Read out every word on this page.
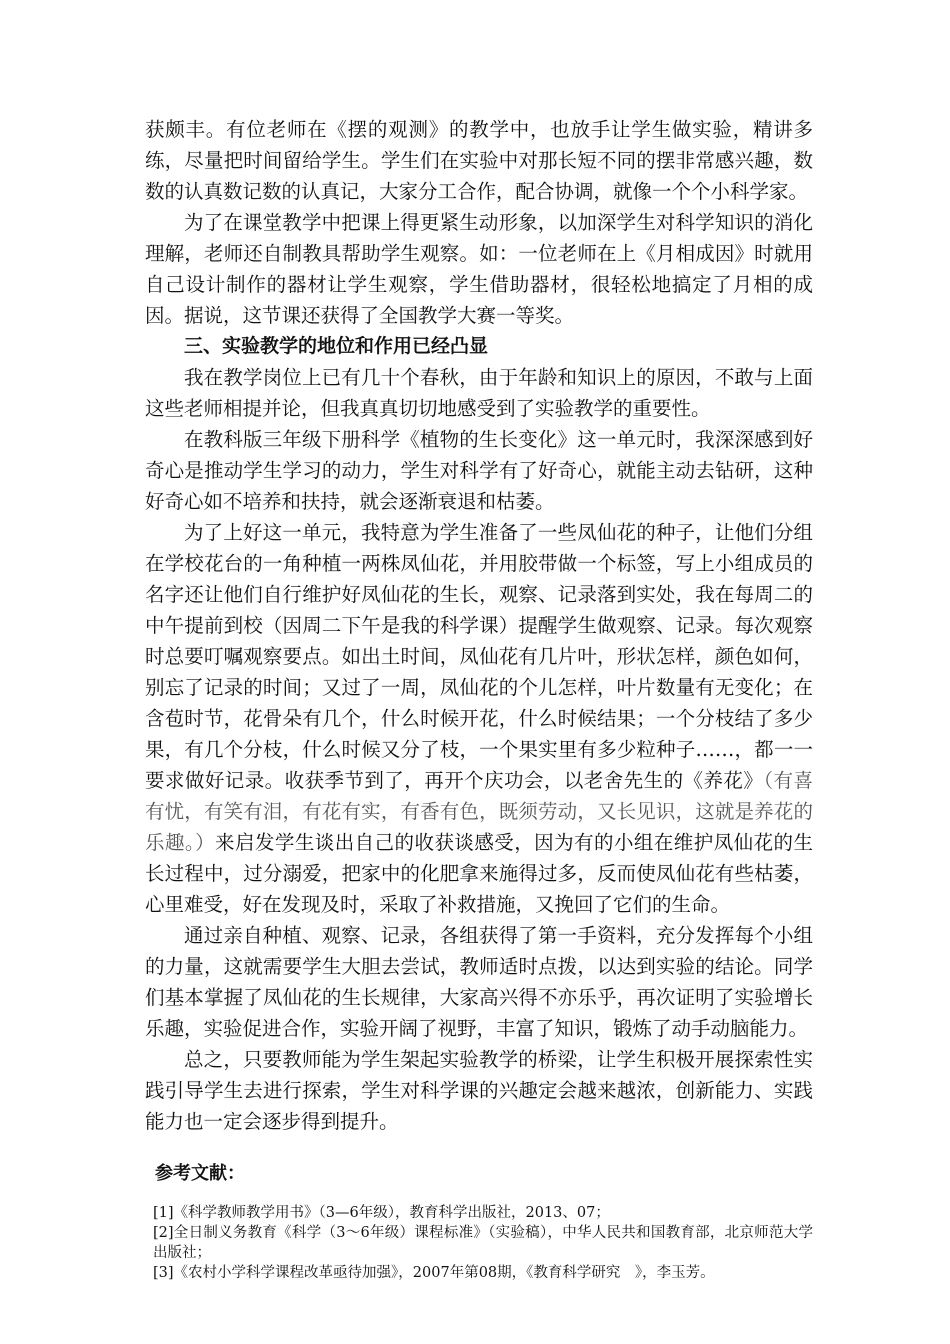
获颇丰。有位老师在《摆的观测》的教学中，也放手让学生做实验，精讲多练，尽量把时间留给学生。学生们在实验中对那长短不同的摆非常感兴趣，数数的认真数记数的认真记，大家分工合作，配合协调，就像一个个小科学家。

为了在课堂教学中把课上得更紧生动形象，以加深学生对科学知识的消化理解，老师还自制教具帮助学生观察。如：一位老师在上《月相成因》时就用自己设计制作的器材让学生观察，学生借助器材，很轻松地搞定了月相的成因。据说，这节课还获得了全国教学大赛一等奖。

三、实验教学的地位和作用已经凸显

我在教学岗位上已有几十个春秋，由于年龄和知识上的原因，不敢与上面这些老师相提并论，但我真真切切地感受到了实验教学的重要性。

在教科版三年级下册科学《植物的生长变化》这一单元时，我深深感到好奇心是推动学生学习的动力，学生对科学有了好奇心，就能主动去钻研，这种好奇心如不培养和扶持，就会逐渐衰退和枯萎。

为了上好这一单元，我特意为学生准备了一些凤仙花的种子，让他们分组在学校花台的一角种植一两株凤仙花，并用胶带做一个标签，写上小组成员的名字还让他们自行维护好凤仙花的生长，观察、记录落到实处，我在每周二的中午提前到校（因周二下午是我的科学课）提醒学生做观察、记录。每次观察时总要叮嘱观察要点。如出土时间，凤仙花有几片叶，形状怎样，颜色如何，别忘了记录的时间；又过了一周，凤仙花的个儿怎样，叶片数量有无变化；在含苞时节，花骨朵有几个，什么时候开花，什么时候结果；一个分枝结了多少果，有几个分枝，什么时候又分了枝，一个果实里有多少粒种子……，都一一要求做好记录。收获季节到了，再开个庆功会，以老舍先生的《养花》（有喜有忧，有笑有泪，有花有实，有香有色，既须劳动，又长见识，这就是养花的乐趣。）来启发学生谈出自己的收获谈感受，因为有的小组在维护凤仙花的生长过程中，过分溺爱，把家中的化肥拿来施得过多，反而使凤仙花有些枯萎，心里难受，好在发现及时，采取了补救措施，又挽回了它们的生命。

通过亲自种植、观察、记录，各组获得了第一手资料，充分发挥每个小组的力量，这就需要学生大胆去尝试，教师适时点拨，以达到实验的结论。同学们基本掌握了凤仙花的生长规律，大家高兴得不亦乐乎，再次证明了实验增长乐趣，实验促进合作，实验开阔了视野，丰富了知识，锻炼了动手动脑能力。

总之，只要教师能为学生架起实验教学的桥梁，让学生积极开展探索性实践引导学生去进行探索，学生对科学课的兴趣定会越来越浓，创新能力、实践能力也一定会逐步得到提升。

参考文献：

[1]《科学教师教学用书》（3—6年级），教育科学出版社，2013、07；

[2]全日制义务教育《科学（3～6年级）课程标准》（实验稿），中华人民共和国教育部，北京师范大学出版社；

[3]《农村小学科学课程改革亟待加强》，2007年第08期，《教育科学研究　》，李玉芳。
